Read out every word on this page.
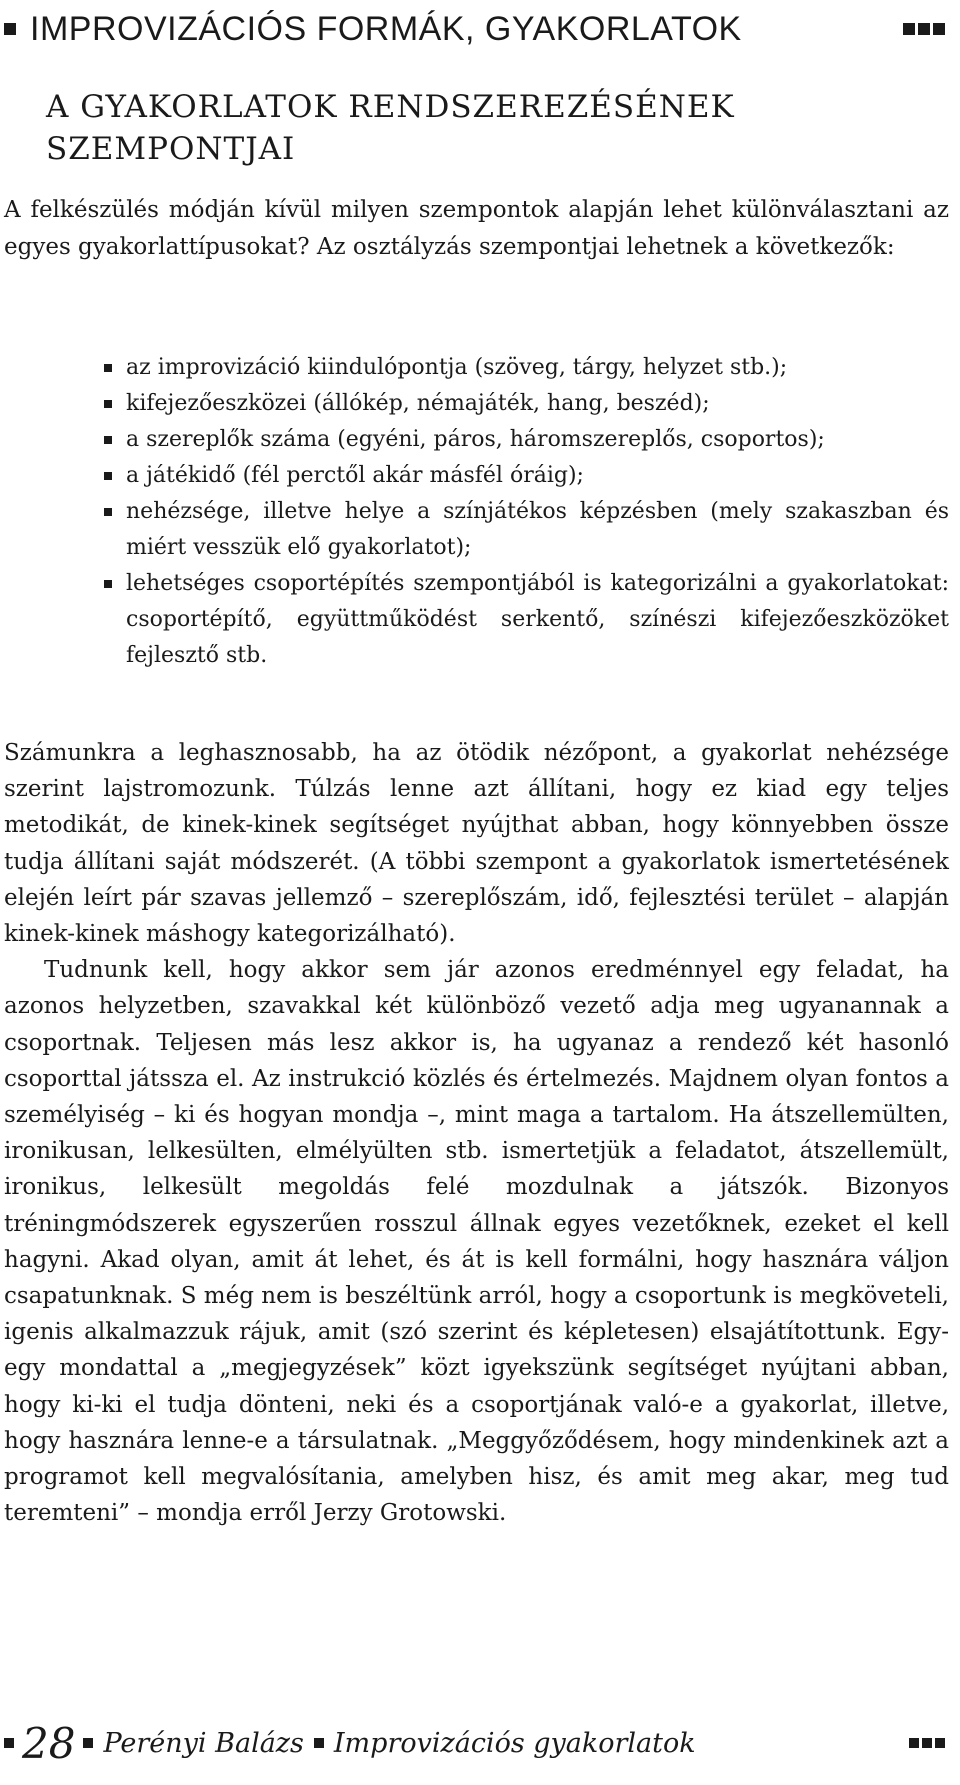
IMPROVIZÁCIÓS FORMÁK, GYAKORLATOK
A GYAKORLATOK RENDSZEREZÉSÉNEK SZEMPONTJAI

A felkészülés módján kívül milyen szempontok alapján lehet különválasztani az egyes gyakorlattípusokat? Az osztályzás szempontjai lehetnek a következők:

az improvizáció kiindulópontja (szöveg, tárgy, helyzet stb.);
kifejezőeszközei (állókép, némajáték, hang, beszéd);
a szereplők száma (egyéni, páros, háromszereplős, csoportos);
a játékidő (fél perctől akár másfél óráig);
nehézsége, illetve helye a színjátékos képzésben (mely szakaszban és miért vesszük elő gyakorlatot);
lehetséges csoportépítés szempontjából is kategorizálni a gyakorlatokat: csoportépítő, együttműködést serkentő, színészi kifejezőeszközöket fejlesztő stb.

Számunkra a leghasznosabb, ha az ötödik nézőpont, a gyakorlat nehézsége szerint lajstromozunk. Túlzás lenne azt állítani, hogy ez kiad egy teljes metodikát, de kinek-kinek segítséget nyújthat abban, hogy könnyebben össze tudja állítani saját módszerét. (A többi szempont a gyakorlatok ismertetésének elején leírt pár szavas jellemző – szereplőszám, idő, fejlesztési terület – alapján kinek-kinek máshogy kategorizálható).

Tudnunk kell, hogy akkor sem jár azonos eredménnyel egy feladat, ha azonos helyzetben, szavakkal két különböző vezető adja meg ugyanannak a csoportnak. Teljesen más lesz akkor is, ha ugyanaz a rendező két hasonló csoporttal játssza el. Az instrukció közlés és értelmezés. Majdnem olyan fontos a személyiség – ki és hogyan mondja –, mint maga a tartalom. Ha átszellemülten, ironikusan, lelkesülten, elmélyülten stb. ismertetjük a feladatot, átszellemült, ironikus, lelkesült megoldás felé mozdulnak a játszók. Bizonyos tréningmódszerek egyszerűen rosszul állnak egyes vezetőknek, ezeket el kell hagyni. Akad olyan, amit át lehet, és át is kell formálni, hogy hasznára váljon csapatunknak. S még nem is beszéltünk arról, hogy a csoportunk is megköveteli, igenis alkalmazzuk rájuk, amit (szó szerint és képletesen) elsajátítottunk. Egy-egy mondattal a „megjegyzések” közt igyekszünk segítséget nyújtani abban, hogy ki-ki el tudja dönteni, neki és a csoportjának való-e a gyakorlat, illetve, hogy hasznára lenne-e a társulatnak. „Meggyőződésem, hogy mindenkinek azt a programot kell megvalósítania, amelyben hisz, és amit meg akar, meg tud teremteni” – mondja erről Jerzy Grotowski.

28 Perényi Balázs Improvizációs gyakorlatok
